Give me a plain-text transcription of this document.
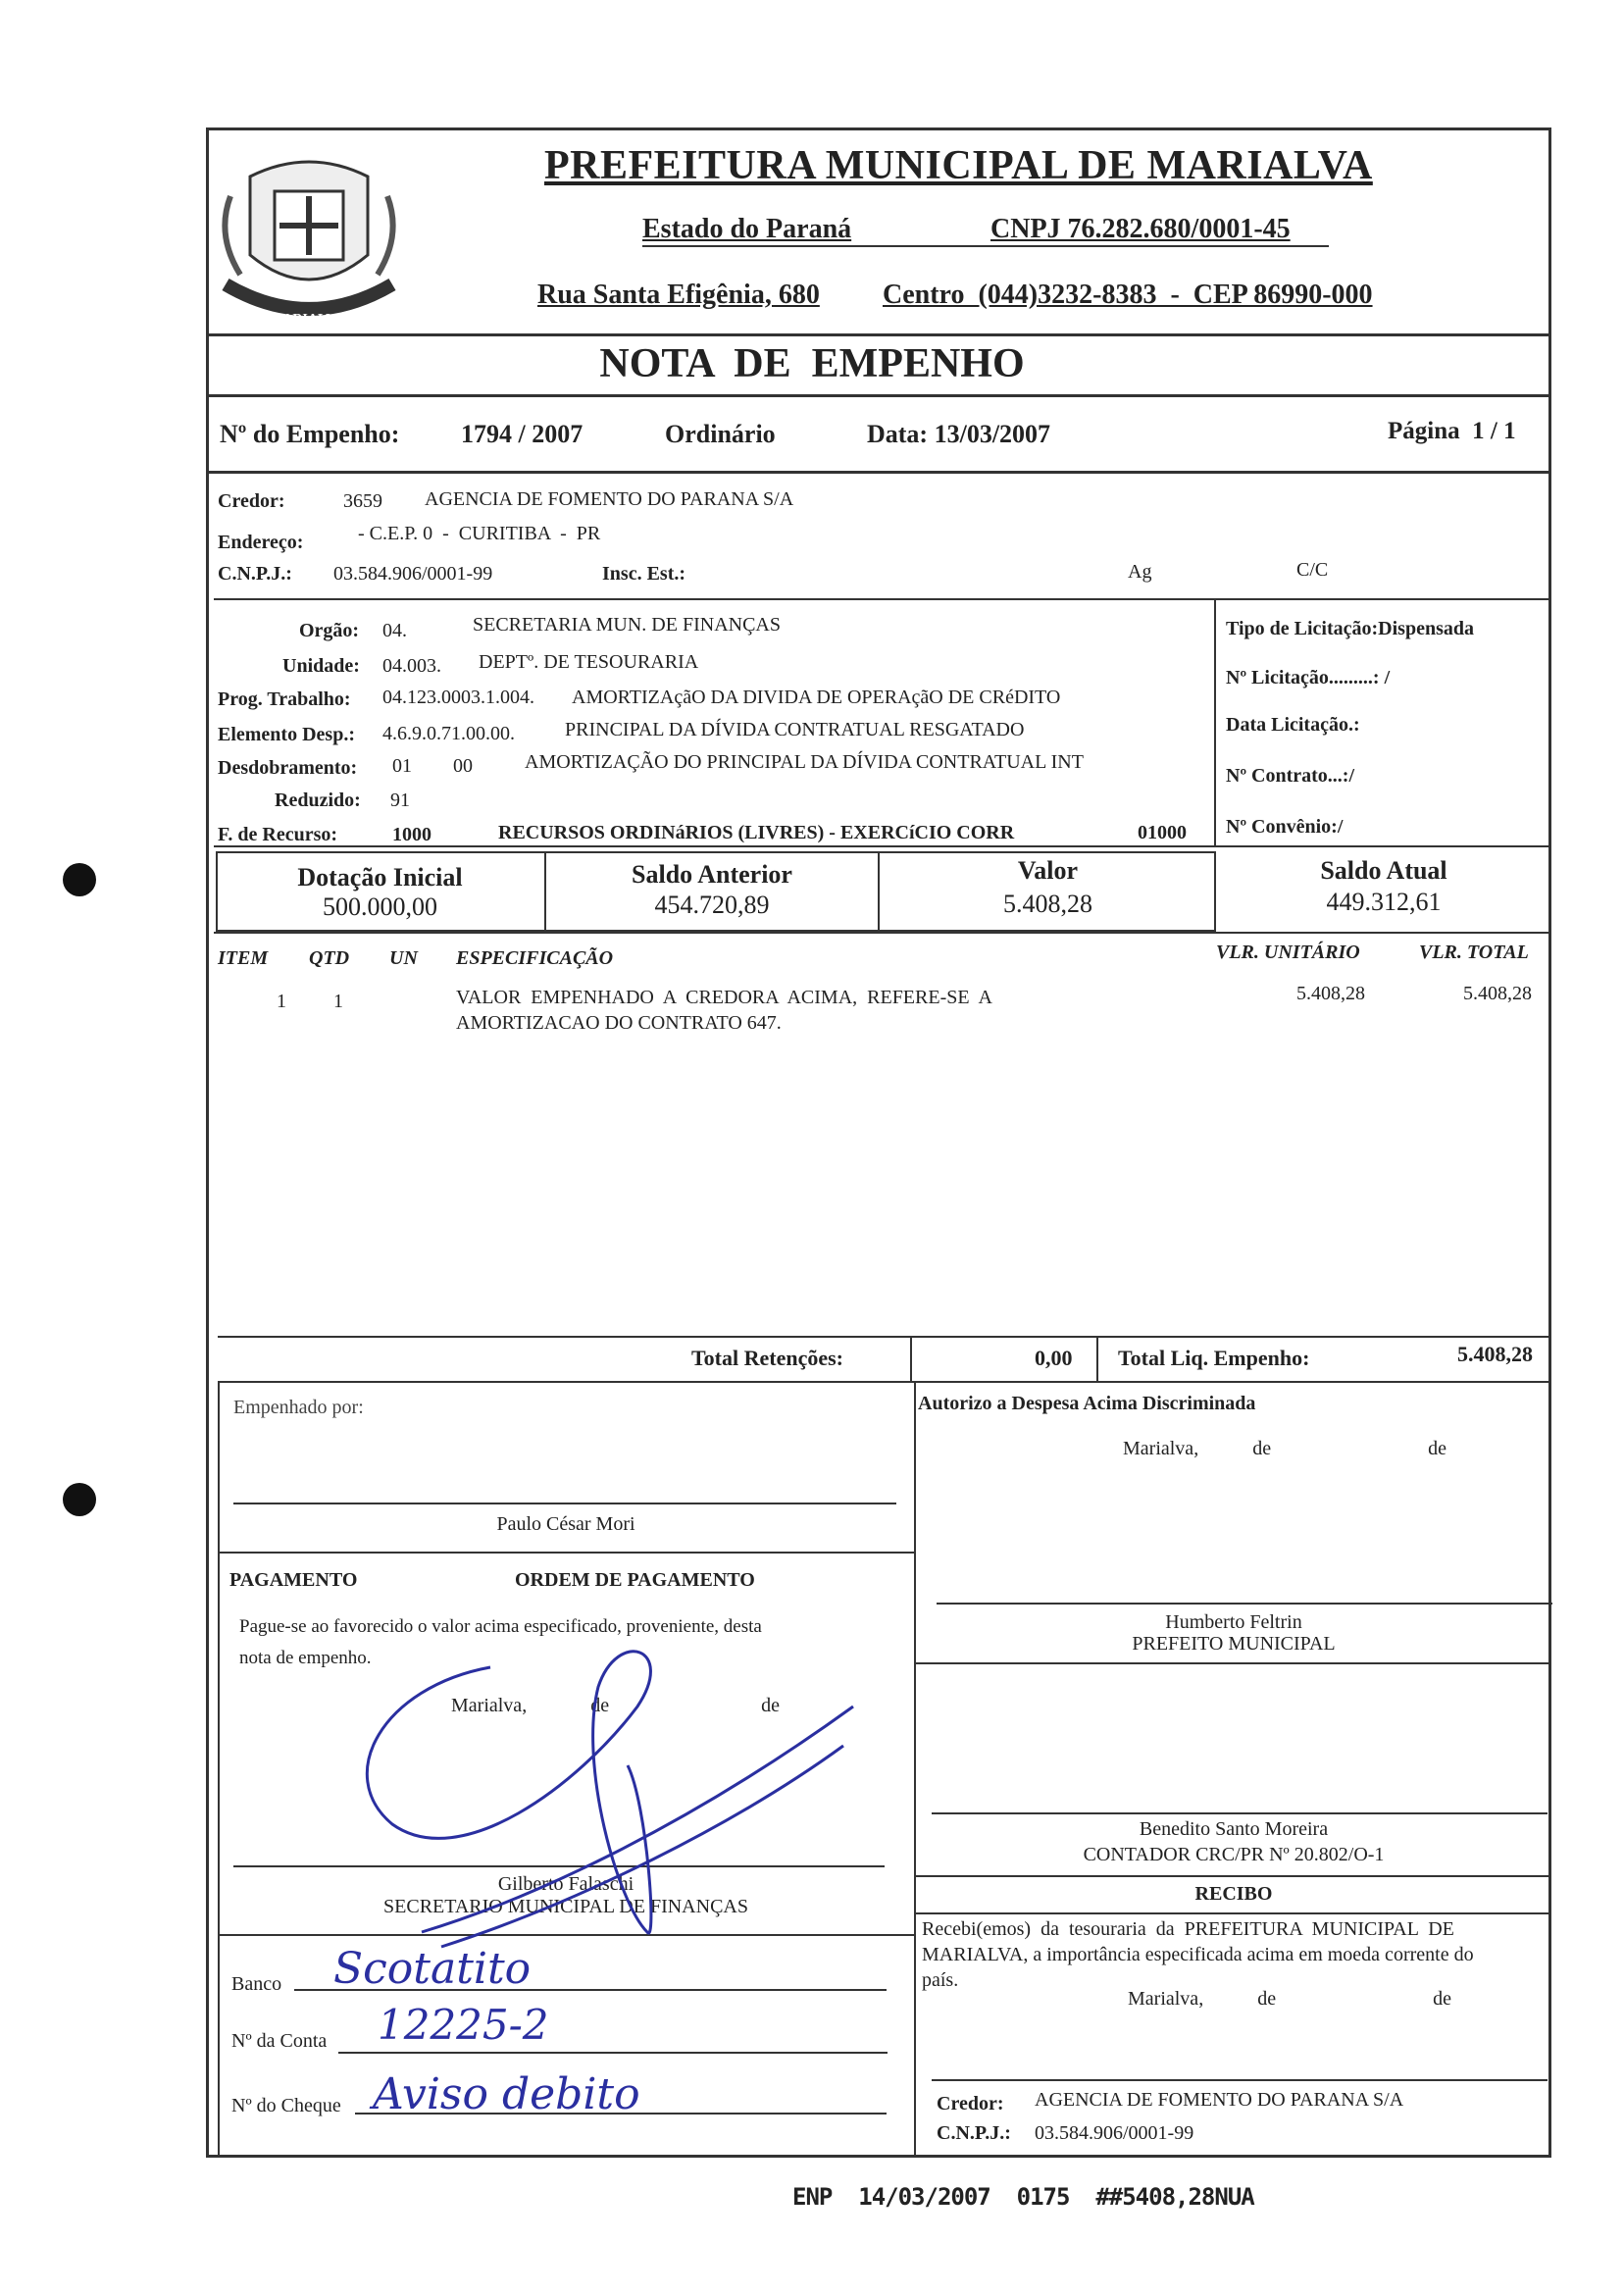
MARIALVA
PREFEITURA MUNICIPAL DE MARIALVA
Estado do Paraná	CNPJ 76.282.680/0001-45
Rua Santa Efigênia, 680 Centro  (044)3232-8383  -  CEP 86990-000
NOTA  DE  EMPENHO
Nº do Empenho: 1794 / 2007	Ordinário	Data: 13/03/2007	Página  1 / 1
Credor:	3659 AGENCIA DE FOMENTO DO PARANA S/A
Endereço:	- C.E.P. 0  -  CURITIBA  -  PR
C.N.P.J.: 03.584.906/0001-99	Insc. Est.:	Ag	C/C
Orgão: 04.	SECRETARIA MUN. DE FINANÇAS
Unidade: 04.003. DEPTº. DE TESOURARIA
Prog. Trabalho: 04.123.0003.1.004. AMORTIZAçãO DA DIVIDA DE OPERAçãO DE CRéDITO
Elemento Desp.: 4.6.9.0.71.00.00.	PRINCIPAL DA DÍVIDA CONTRATUAL RESGATADO
Desdobramento: 01 00	AMORTIZAÇÃO DO PRINCIPAL DA DÍVIDA CONTRATUAL INT
Reduzido: 91
F. de Recurso:	1000	RECURSOS ORDINáRIOS (LIVRES) - EXERCíCIO CORR	01000
Tipo de Licitação:Dispensada
Nº Licitação.........: /
Data Licitação.:
Nº Contrato...:/
Nº Convênio:/
Dotação Inicial
500.000,00
Saldo Anterior
454.720,89
Valor
5.408,28
Saldo Atual
449.312,61
ITEM QTD UN ESPECIFICAÇÃO	VLR. UNITÁRIO	VLR. TOTAL
1 1	VALOR  EMPENHADO  A  CREDORA  ACIMA,  REFERE-SE  A
AMORTIZACAO DO CONTRATO 647.
5.408,28	5.408,28
Total Retenções:	0,00 Total Liq. Empenho:	5.408,28
Empenhado por:
Paulo César Mori
Autorizo a Despesa Acima Discriminada
Marialva,           de                                de
Humberto Feltrin
PREFEITO MUNICIPAL
PAGAMENTO	ORDEM DE PAGAMENTO
Pague-se ao favorecido o valor acima especificado, proveniente, desta
nota de empenho.
Marialva,             de                               de
Gilberto Falaschi
SECRETARIO MUNICIPAL DE FINANÇAS
Benedito Santo Moreira
CONTADOR CRC/PR Nº 20.802/O-1
RECIBO
Recebi(emos)  da  tesouraria  da  PREFEITURA  MUNICIPAL  DE
MARIALVA, a importância especificada acima em moeda corrente do
país.
Marialva,           de                                de
Credor: AGENCIA DE FOMENTO DO PARANA S/A
C.N.P.J.: 03.584.906/0001-99
Banco Scotatito
Nº da Conta 12225-2
Nº do Cheque Aviso debito
ENP  14/03/2007  0175  ##5408,28NUA
